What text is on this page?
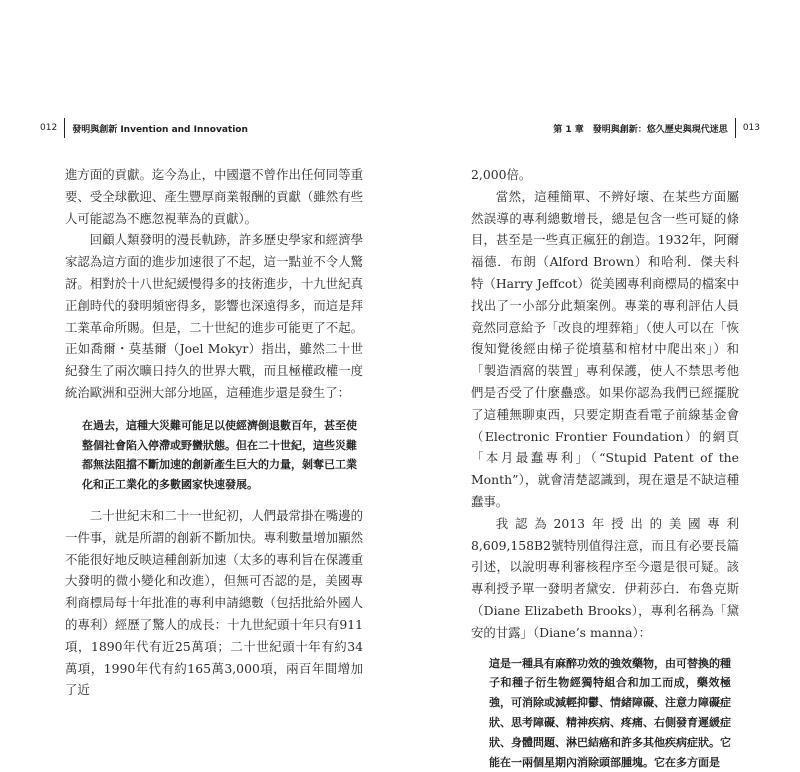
012 發明與創新 Invention and Innovation	第 1 章　發明與創新：悠久歷史與現代迷思 013

進方面的貢獻。迄今為止，中國還不曾作出任何同等重要、受全球歡迎、產生豐厚商業報酬的貢獻（雖然有些人可能認為不應忽視華為的貢獻）。

回顧人類發明的漫長軌跡，許多歷史學家和經濟學家認為這方面的進步加速很了不起，這一點並不令人驚訝。相對於十八世紀緩慢得多的技術進步，十九世紀真正創時代的發明頻密得多，影響也深遠得多，而這是拜工業革命所賜。但是，二十世紀的進步可能更了不起。正如喬爾・莫基爾（Joel Mokyr）指出，雖然二十世紀發生了兩次曠日持久的世界大戰，而且極權政權一度統治歐洲和亞洲大部分地區，這種進步還是發生了：

在過去，這種大災難可能足以使經濟倒退數百年，甚至使整個社會陷入停滯或野蠻狀態。但在二十世紀，這些災難都無法阻擋不斷加速的創新產生巨大的力量，剝奪已工業化和正工業化的多數國家快速發展。

二十世紀末和二十一世紀初，人們最常掛在嘴邊的一件事，就是所謂的創新不斷加快。專利數量增加顯然不能很好地反映這種創新加速（太多的專利旨在保護重大發明的微小變化和改進），但無可否認的是，美國專利商標局每十年批准的專利申請總數（包括批給外國人的專利）經歷了驚人的成長：十九世紀頭十年只有911項，1890年代有近25萬項；二十世紀頭十年有約34萬項，1990年代有約165萬3,000項，兩百年間增加了近

2,000倍。

當然，這種簡單、不辨好壞、在某些方面屬然誤導的專利總數增長，總是包含一些可疑的條目，甚至是一些真正瘋狂的創造。1932年，阿爾福德．布朗（Alford Brown）和哈利．傑夫科特（Harry Jeffcot）從美國專利商標局的檔案中找出了一小部分此類案例。專業的專利評估人員竟然同意給予「改良的埋葬箱」（使人可以在「恢復知覺後經由梯子從墳墓和棺材中爬出來」）和「製造酒窩的裝置」專利保護，使人不禁思考他們是否受了什麼蠱惑。如果你認為我們已經擺脫了這種無聊東西，只要定期查看電子前線基金會（Electronic Frontier Foundation）的網頁「本月最蠢專利」（“Stupid Patent of the Month”），就會清楚認識到，現在還是不缺這種蠢事。

我認為2013年授出的美國專利8,609,158B2號特別值得注意，而且有必要長篇引述，以說明專利審核程序至今還是很可疑。該專利授予單一發明者黛安．伊莉莎白．布魯克斯（Diane Elizabeth Brooks），專利名稱為「黛安的甘露」（Diane’s manna）：

這是一種具有麻醉功效的強效藥物，由可替換的種子和種子衍生物經獨特組合和加工而成，藥效極強，可消除或減輕抑鬱、情緒障礙、注意力障礙症狀、思考障礙、精神疾病、疼痛、右側發育遲緩症狀、身體問題、淋巴結癌和許多其他疾病症狀。它能在一兩個星期內消除頭部腫塊。它在多方面是
